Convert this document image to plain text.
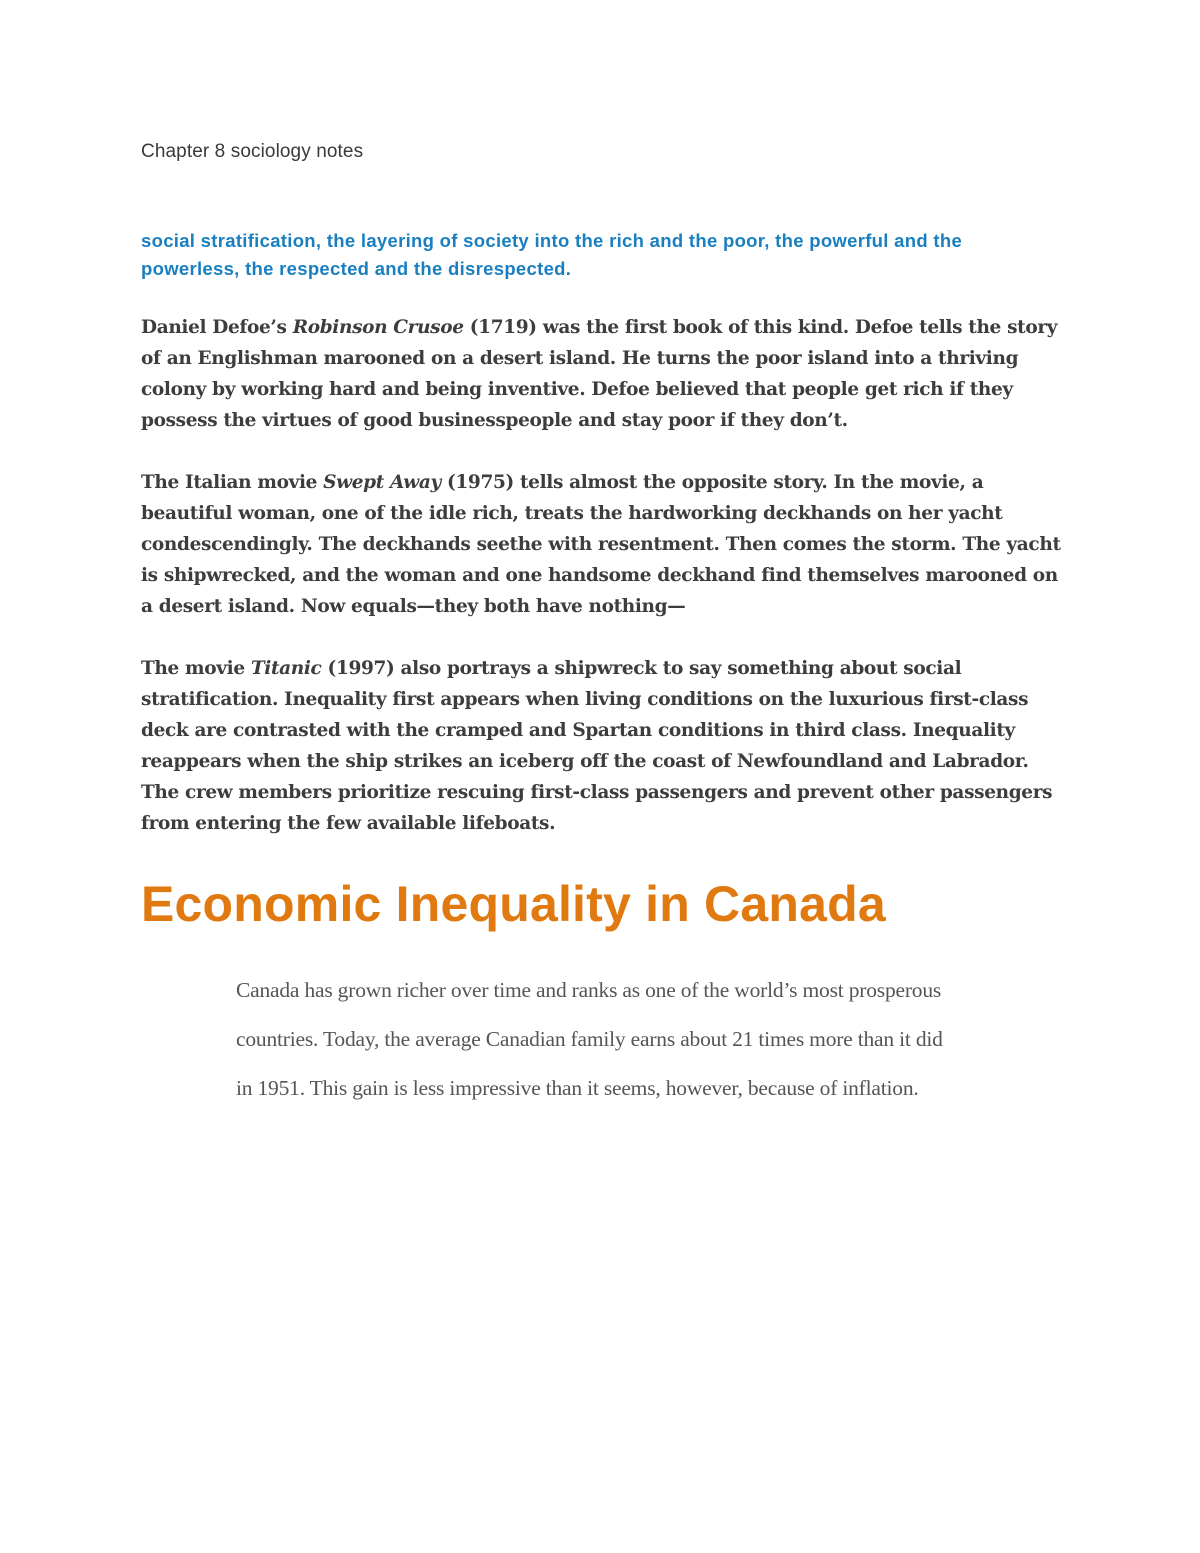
Chapter 8 sociology notes

social stratification, the layering of society into the rich and the poor, the powerful and the powerless, the respected and the disrespected.

Daniel Defoe’s Robinson Crusoe (1719) was the first book of this kind. Defoe tells the story of an Englishman marooned on a desert island. He turns the poor island into a thriving colony by working hard and being inventive. Defoe believed that people get rich if they possess the virtues of good businesspeople and stay poor if they don’t.

The Italian movie Swept Away (1975) tells almost the opposite story. In the movie, a beautiful woman, one of the idle rich, treats the hardworking deckhands on her yacht condescendingly. The deckhands seethe with resentment. Then comes the storm. The yacht is shipwrecked, and the woman and one handsome deckhand find themselves marooned on a desert island. Now equals—they both have nothing—

The movie Titanic (1997) also portrays a shipwreck to say something about social stratification. Inequality first appears when living conditions on the luxurious first-class deck are contrasted with the cramped and Spartan conditions in third class. Inequality reappears when the ship strikes an iceberg off the coast of Newfoundland and Labrador. The crew members prioritize rescuing first-class passengers and prevent other passengers from entering the few available lifeboats.

Economic Inequality in Canada

Canada has grown richer over time and ranks as one of the world’s most prosperous countries. Today, the average Canadian family earns about 21 times more than it did in 1951. This gain is less impressive than it seems, however, because of inflation.
